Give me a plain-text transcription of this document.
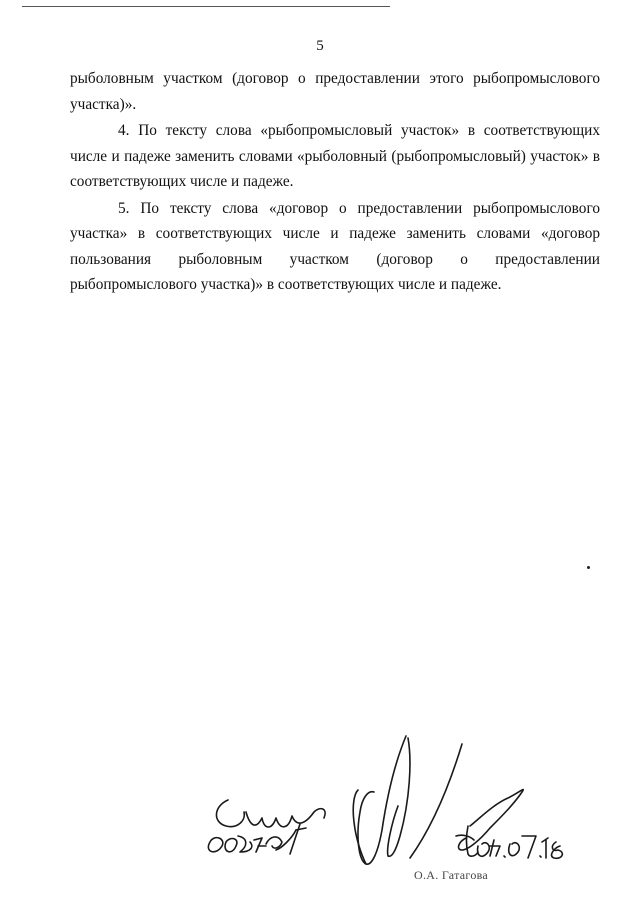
5

рыболовным участком (договор о предоставлении этого рыбопромыслового участка)».

4. По тексту слова «рыбопромысловый участок» в соответствующих числе и падеже заменить словами «рыболовный (рыбопромысловый) участок» в соответствующих числе и падеже.

5. По тексту слова «договор о предоставлении рыбопромыслового участка» в соответствующих числе и падеже заменить словами «договор пользования рыболовным участком (договор о предоставлении рыбопромыслового участка)» в соответствующих числе и падеже.

О.А. Гатагова
